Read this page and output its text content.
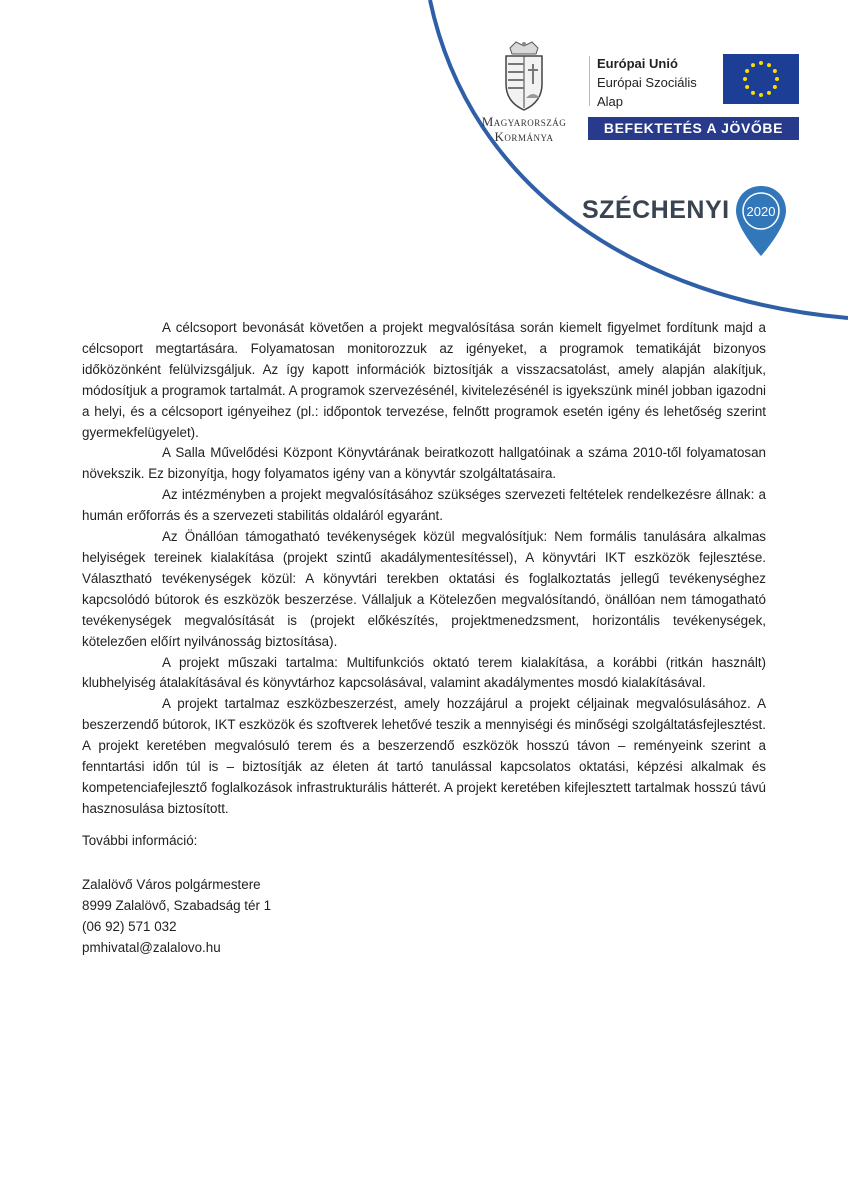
Magyarország
Kormánya
Európai Unió
Európai Szociális
Alap
BEFEKTETÉS A JÖVŐBE
SZÉCHENYI 2020

A célcsoport bevonását követően a projekt megvalósítása során kiemelt figyelmet fordítunk majd a célcsoport megtartására. Folyamatosan monitorozzuk az igényeket, a programok tematikáját bizonyos időközönként felülvizsgáljuk. Az így kapott információk biztosítják a visszacsatolást, amely alapján alakítjuk, módosítjuk a programok tartalmát. A programok szervezésénél, kivitelezésénél is igyekszünk minél jobban igazodni a helyi, és a célcsoport igényeihez (pl.: időpontok tervezése, felnőtt programok esetén igény és lehetőség szerint gyermekfelügyelet).

A Salla Művelődési Központ Könyvtárának beiratkozott hallgatóinak a száma 2010-től folyamatosan növekszik. Ez bizonyítja, hogy folyamatos igény van a könyvtár szolgáltatásaira.

Az intézményben a projekt megvalósításához szükséges szervezeti feltételek rendelkezésre állnak: a humán erőforrás és a szervezeti stabilitás oldaláról egyaránt.

Az Önállóan támogatható tevékenységek közül megvalósítjuk: Nem formális tanulására alkalmas helyiségek tereinek kialakítása (projekt szintű akadálymentesítéssel), A könyvtári IKT eszközök fejlesztése. Választható tevékenységek közül: A könyvtári terekben oktatási és foglalkoztatás jellegű tevékenységhez kapcsolódó bútorok és eszközök beszerzése. Vállaljuk a Kötelezően megvalósítandó, önállóan nem támogatható tevékenységek megvalósítását is (projekt előkészítés, projektmenedzsment, horizontális tevékenységek, kötelezően előírt nyilvánosság biztosítása).

A projekt műszaki tartalma: Multifunkciós oktató terem kialakítása, a korábbi (ritkán használt) klubhelyiség átalakításával és könyvtárhoz kapcsolásával, valamint akadálymentes mosdó kialakításával.

A projekt tartalmaz eszközbeszerzést, amely hozzájárul a projekt céljainak megvalósulásához. A beszerzendő bútorok, IKT eszközök és szoftverek lehetővé teszik a mennyiségi és minőségi szolgáltatásfejlesztést. A projekt keretében megvalósuló terem és a beszerzendő eszközök hosszú távon – reményeink szerint a fenntartási időn túl is – biztosítják az életen át tartó tanulással kapcsolatos oktatási, képzési alkalmak és kompetenciafejlesztő foglalkozások infrastrukturális hátterét. A projekt keretében kifejlesztett tartalmak hosszú távú hasznosulása biztosított.

További információ:
Zalalövő Város polgármestere
8999 Zalalövő, Szabadság tér 1
(06 92) 571 032
pmhivatal@zalalovo.hu
